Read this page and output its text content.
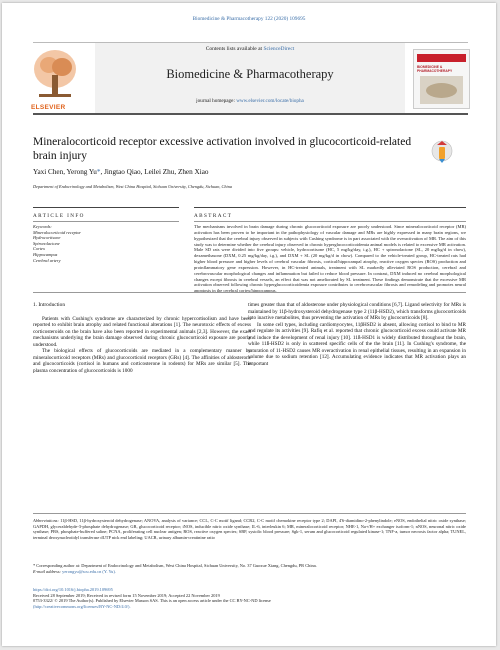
Biomedicine & Pharmacotherapy 122 (2020) 109695
ELSEVIER
Contents lists available at ScienceDirect
Biomedicine & Pharmacotherapy
journal homepage: www.elsevier.com/locate/biopha
BIOMEDICINE & PHARMACOTHERAPY
Mineralocorticoid receptor excessive activation involved in glucocorticoid-related brain injury
Yaxi Chen, Yerong Yu*, Jingtao Qiao, Leilei Zhu, Zhen Xiao
Department of Endocrinology and Metabolism, West China Hospital, Sichuan University, Chengdu, Sichuan, China
ARTICLE INFO	ABSTRACT
Keywords:
Mineralocorticoid receptor
Hydrocortisone
Spironolactone
Cortex
Hippocampus
Cerebral artery
The mechanisms involved in brain damage during chronic glucocorticoid exposure are poorly understood. Since mineralocorticoid receptor (MR) activation has been proven to be important in the pathophysiology of vascular damage and MRs are highly expressed in many brain regions, we hypothesized that the cerebral injury observed in subjects with Cushing syndrome is in part associated with the overactivation of MR. The aim of this study was to determine whether the cerebral injury observed in chronic hyperglucocorticoidemia animal models is related to excessive MR activation. Male SD rats were divided into five groups: vehicle, hydrocortisone (HC, 5 mg/kg/day, i.g.), HC + spironolactone (SL, 20 mg/kg/d in chow), dexamethasone (DXM, 0.25 mg/kg/day, i.g.), and DXM + SL (20 mg/kg/d in chow). Compared to the vehicle-treated group, HC-treated rats had higher blood pressure and higher levels of cerebral vascular fibrosis, cortical/hippocampal atrophy, reactive oxygen species (ROS) production and proinflammatory gene expression. However, in HC-treated animals, treatment with SL markedly alleviated ROS production, cerebral and cerebrovascular morphological changes and inflammation but failed to reduce blood pressure. In contrast, DXM induced no cerebral morphological changes except fibrosis in cerebral vessels, an effect that was not ameliorated by SL treatment. These findings demonstrate that the excessive MR activation observed following chronic hyperglucocorticoidemia exposure contributes to cerebrovascular fibrosis and remodeling and promotes neural apoptosis in the cerebral cortex/hippocampus.
1. Introduction

Patients with Cushing's syndrome are characterized by chronic hypercortisolism and have been reported to exhibit brain atrophy and related functional alterations [1]. The neurotoxic effects of excess corticosteroids on the brain have also been reported in experimental animals [2,3]. However, the exact mechanisms underlying the brain damage observed during chronic glucocorticoid exposure are poorly understood.

The biological effects of glucocorticoids are mediated in a complementary manner by mineralocorticoid receptors (MRs) and glucocorticoid receptors (GRs) [4]. The affinities of aldosterone and glucocorticoids (cortisol in humans and corticosterone in rodents) for MRs are similar [5]. The plasma concentration of glucocorticoids is 1000

times greater than that of aldosterone under physiological conditions [6,7]. Ligand selectivity for MRs is maintained by 11β-hydroxysteroid dehydrogenase type 2 (11β-HSD2), which transforms glucocorticoids into inactive metabolites, thus preventing the activation of MRs by glucocorticoids [8].

In some cell types, including cardiomyocytes, 11βHSD2 is absent, allowing cortisol to bind to MR and regulate its activities [9]. Rafiq et al. reported that chronic glucocorticoid excess could activate MR and induce the development of renal injury [10]. 11ß-HSD1 is widely distributed throughout the brain, while 11ß-HSD2 is only in scattered specific cells of the the brain [11]. In Cushing's syndrome, the saturation of 11-HSD2 causes MR overactivation in renal epithelial tissues, resulting in an expansion in volume due to sodium retention [12]. Accumulating evidence indicates that MR activation plays an important

Abbreviations: 11β-HSD, 11β-hydroxysteroid dehydrogenase; ANOVA, analysis of variance; CCL, C-C motif ligand; CCR2, C-C motif chemokine receptor type 2; DAPI, 4'6-diamidino-2-phenylindole; eNOS, endothelial nitric oxide synthase; GAPDH, glyceraldehyde-3-phosphate dehydrogenase; GR, glucocorticoid receptor; iNOS, inducible nitric oxide synthase; IL-6, interleukin 6; MR, mineralocorticoid receptor; NHE-1, Na+/H+ exchanger isoform-1; nNOS, neuronal nitric oxide synthase; PBS, phosphate-buffered saline; PCNA, proliferating cell nuclear antigen; ROS, reactive oxygen species; SBP, systolic blood pressure; Sgk-1, serum and glucocorticoid regulated kinase-1; TNF-a, tumor necrosis factor alpha; TUNEL, terminal deoxynucleotidyl transferase dUTP nick end labeling; UACR, urinary albumin-creatinine ratio
* Corresponding author at: Department of Endocrinology and Metabolism, West China Hospital, Sichuan University, No. 37 Guoxue Xiang, Chengdu, PR China.
E-mail address: yerongyu@scu.edu.cn (Y. Yu).
https://doi.org/10.1016/j.biopha.2019.109695
Received 28 September 2019; Received in revised form 15 November 2019; Accepted 22 November 2019
0753-3322/ © 2019 The Author(s). Published by Elsevier Masson SAS. This is an open access article under the CC BY-NC-ND license
(http://creativecommons.org/licenses/BY-NC-ND/4.0/).
